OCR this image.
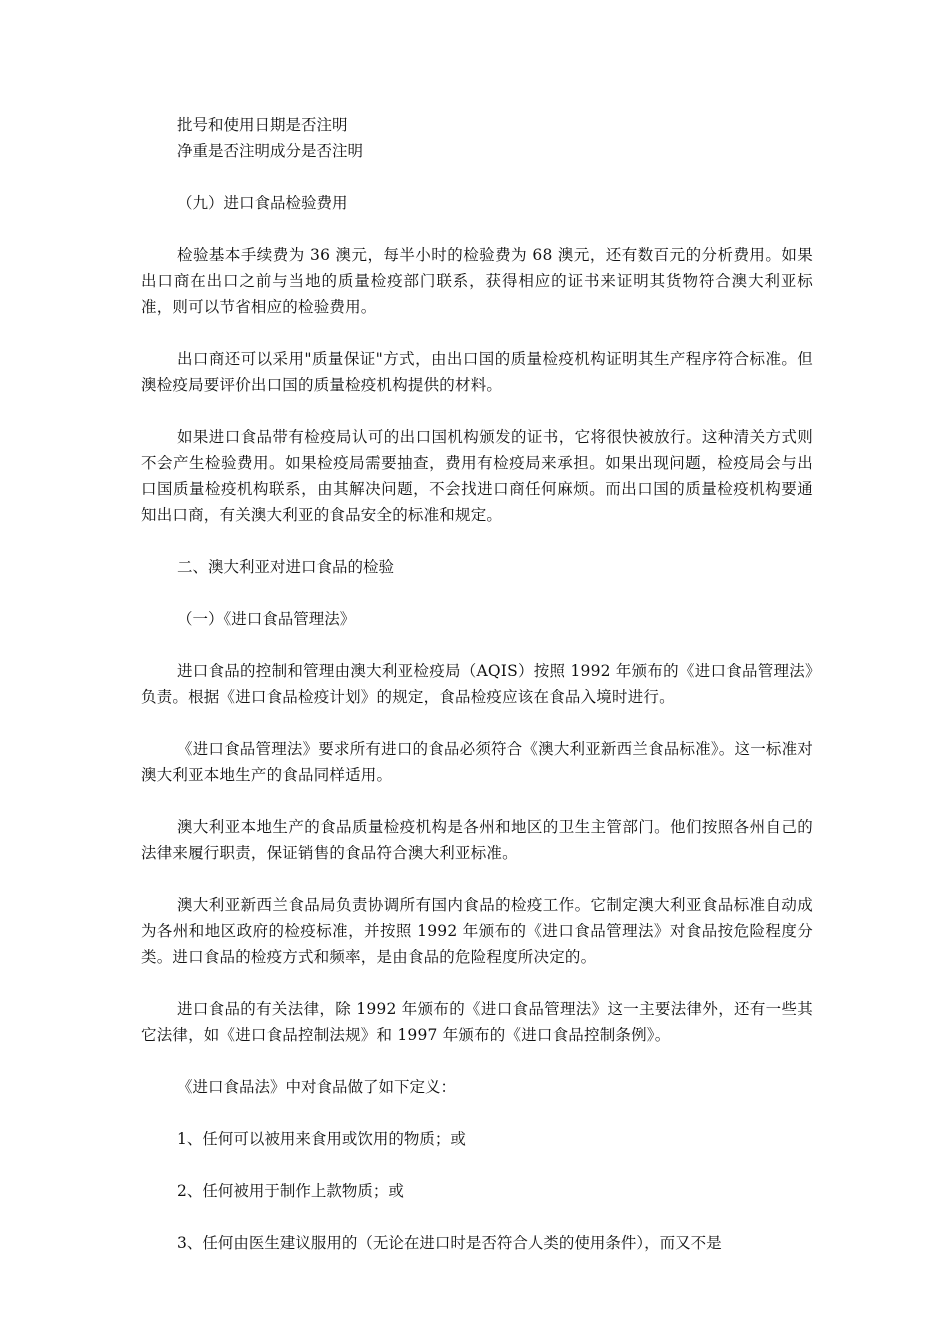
批号和使用日期是否注明

净重是否注明成分是否注明

（九）进口食品检验费用

检验基本手续费为 36 澳元，每半小时的检验费为 68 澳元，还有数百元的分析费用。如果出口商在出口之前与当地的质量检疫部门联系，获得相应的证书来证明其货物符合澳大利亚标准，则可以节省相应的检验费用。

出口商还可以采用"质量保证"方式，由出口国的质量检疫机构证明其生产程序符合标准。但澳检疫局要评价出口国的质量检疫机构提供的材料。

如果进口食品带有检疫局认可的出口国机构颁发的证书，它将很快被放行。这种清关方式则不会产生检验费用。如果检疫局需要抽查，费用有检疫局来承担。如果出现问题，检疫局会与出口国质量检疫机构联系，由其解决问题，不会找进口商任何麻烦。而出口国的质量检疫机构要通知出口商，有关澳大利亚的食品安全的标准和规定。

二、澳大利亚对进口食品的检验

（一）《进口食品管理法》

进口食品的控制和管理由澳大利亚检疫局（AQIS）按照 1992 年颁布的《进口食品管理法》负责。根据《进口食品检疫计划》的规定，食品检疫应该在食品入境时进行。

《进口食品管理法》要求所有进口的食品必须符合《澳大利亚新西兰食品标准》。这一标准对澳大利亚本地生产的食品同样适用。

澳大利亚本地生产的食品质量检疫机构是各州和地区的卫生主管部门。他们按照各州自己的法律来履行职责，保证销售的食品符合澳大利亚标准。

澳大利亚新西兰食品局负责协调所有国内食品的检疫工作。它制定澳大利亚食品标准自动成为各州和地区政府的检疫标准，并按照 1992 年颁布的《进口食品管理法》对食品按危险程度分类。进口食品的检疫方式和频率，是由食品的危险程度所决定的。

进口食品的有关法律，除 1992 年颁布的《进口食品管理法》这一主要法律外，还有一些其它法律，如《进口食品控制法规》和 1997 年颁布的《进口食品控制条例》。

《进口食品法》中对食品做了如下定义：

1、任何可以被用来食用或饮用的物质；或

2、任何被用于制作上款物质；或

3、任何由医生建议服用的（无论在进口时是否符合人类的使用条件），而又不是
